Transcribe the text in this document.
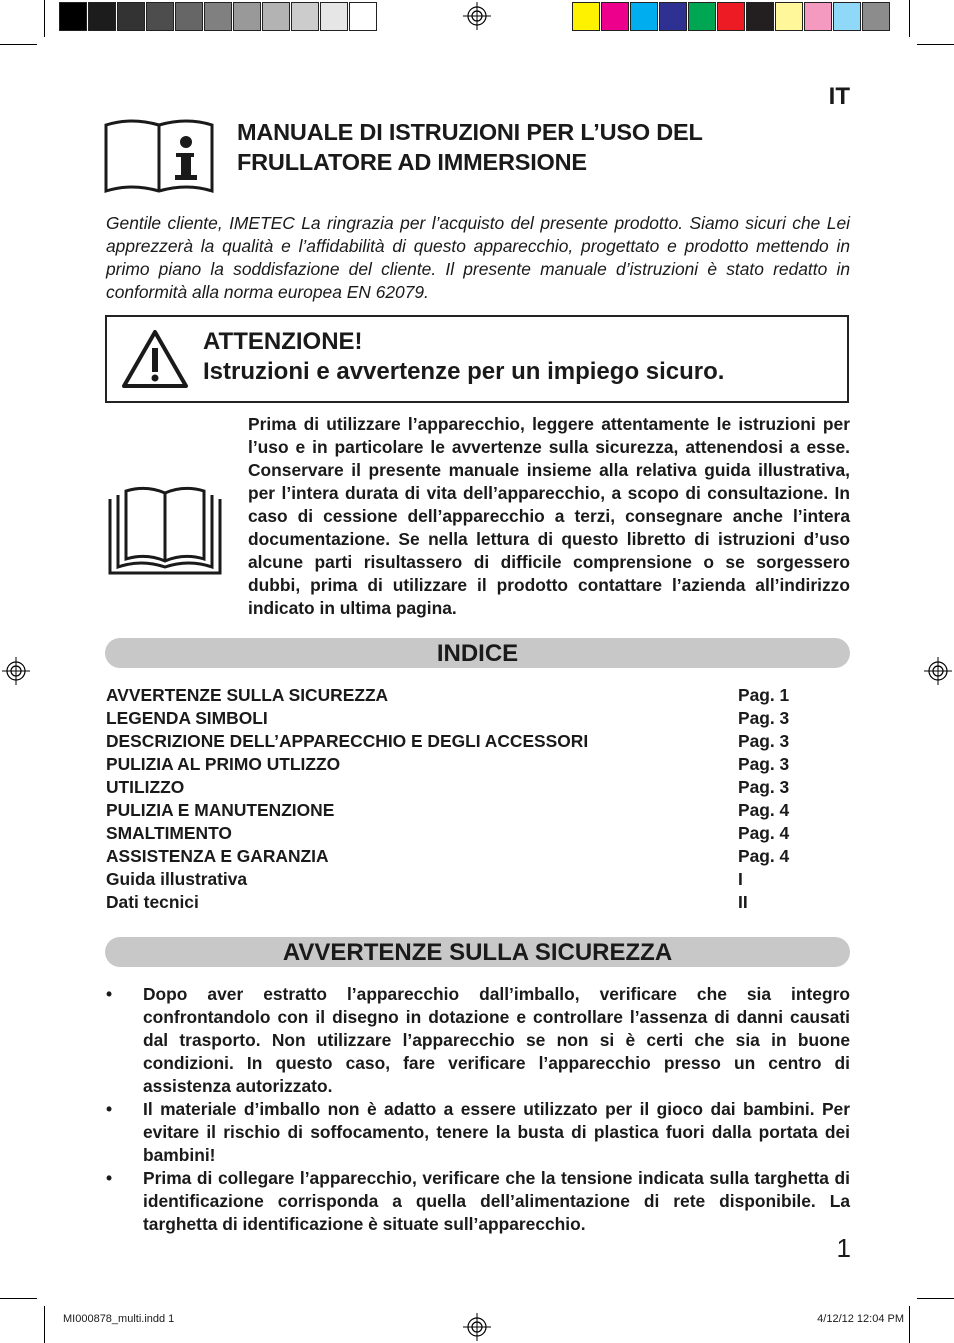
IT
MANUALE DI ISTRUZIONI PER L’USO DEL
FRULLATORE AD IMMERSIONE
Gentile cliente, IMETEC La ringrazia per l’acquisto del presente prodotto. Siamo sicuri che Lei apprezzerà la qualità e l’affidabilità di questo apparecchio, progettato e prodotto mettendo in primo piano la soddisfazione del cliente. Il presente manuale d’istruzioni è stato redatto in conformità alla norma europea EN 62079.
ATTENZIONE!
Istruzioni e avvertenze per un impiego sicuro.
Prima di utilizzare l’apparecchio, leggere attentamente le istruzioni per l’uso e in particolare le avvertenze sulla sicurezza, attenendosi a esse. Conservare il presente manuale insieme alla relativa guida illustrativa, per l’intera durata di vita dell’apparecchio, a scopo di consultazione. In caso di cessione dell’apparecchio a terzi, consegnare anche l’intera documentazione. Se nella lettura di questo libretto di istruzioni d’uso alcune parti risultassero di difficile comprensione o se sorgessero dubbi, prima di utilizzare il prodotto contattare l’azienda all’indirizzo indicato in ultima pagina.
INDICE
AVVERTENZE SULLA SICUREZZA	Pag. 1
LEGENDA SIMBOLI	Pag. 3
DESCRIZIONE DELL’APPARECCHIO E DEGLI ACCESSORI	Pag. 3
PULIZIA AL PRIMO UTLIZZO	Pag. 3
UTILIZZO	Pag. 3
PULIZIA E MANUTENZIONE	Pag. 4
SMALTIMENTO	Pag. 4
ASSISTENZA E GARANZIA	Pag. 4
Guida illustrativa	I
Dati tecnici	II
AVVERTENZE SULLA SICUREZZA
• Dopo aver estratto l’apparecchio dall’imballo, verificare che sia integro confrontandolo con il disegno in dotazione e controllare l’assenza di danni causati dal trasporto. Non utilizzare l’apparecchio se non si è certi che sia in buone condizioni. In questo caso, fare verificare l’apparecchio presso un centro di assistenza autorizzato.
• Il materiale d’imballo non è adatto a essere utilizzato per il gioco dai bambini. Per evitare il rischio di soffocamento, tenere la busta di plastica fuori dalla portata dei bambini!
• Prima di collegare l’apparecchio, verificare che la tensione indicata sulla targhetta di identificazione corrisponda a quella dell’alimentazione di rete disponibile. La targhetta di identificazione è situate sull’apparecchio.
1
MI000878_multi.indd 1	4/12/12 12:04 PM
